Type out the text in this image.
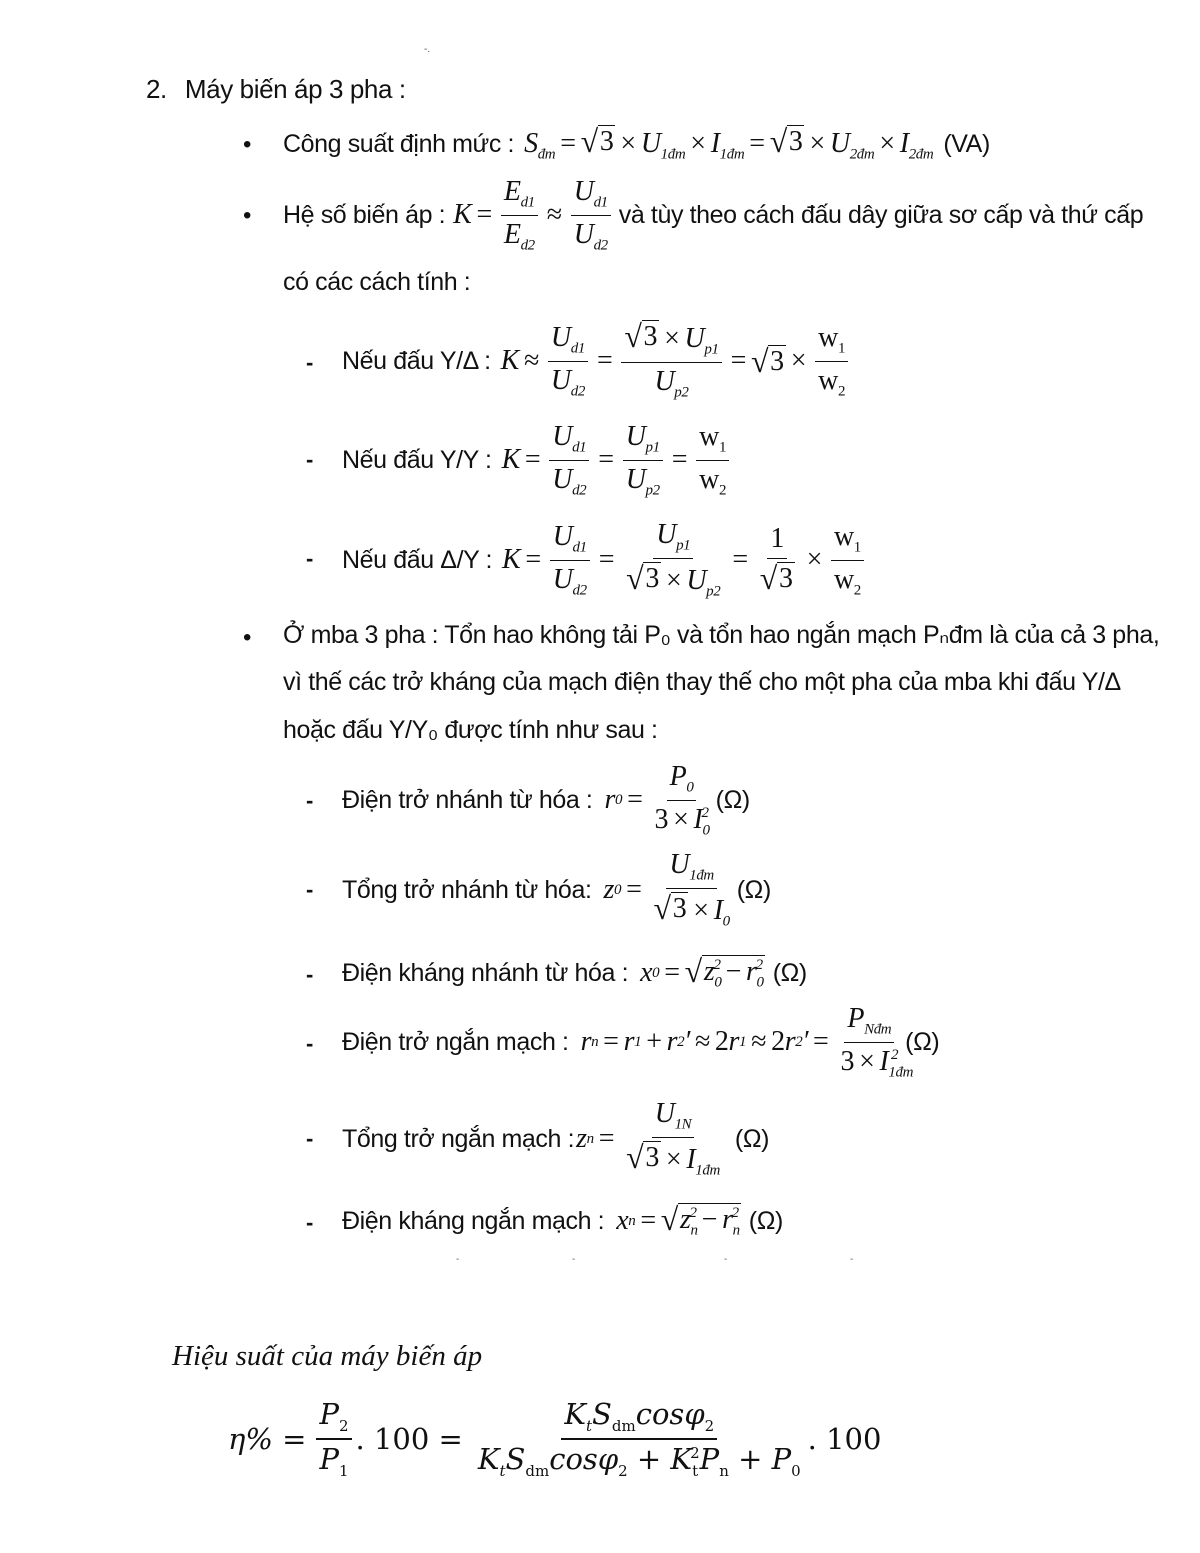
-.
2. Máy biến áp 3 pha :
• Công suất định mức : $S_{đm}$ = √ $3 \times U_{1đm} \times I_{1đm}$ = √ $3 \times U_{2đm} \times I_{2đm}$ (VA)
• Hệ số biến áp : $K = \frac{E_{d1}}{E_{d2}} \approx \frac{U_{d1}}{U_{d2}}$ và tùy theo cách đấu dây giữa sơ cấp và thứ cấp
có các cách tính :
- Nếu đấu Y/Δ : $K \approx \frac{U_{d1}}{U_{d2}} = \frac{√ 3 \times U_{p1}}{U_{p2}}$ = √ $3 \times \frac{w_1}{w_2}$
- Nếu đấu Y/Y : $K = \frac{U_{d1}}{U_{d2}} = \frac{U_{p1}}{U_{p2}} = \frac{w_1}{w_2}$
- Nếu đấu Δ/Y : $K = \frac{U_{d1}}{U_{d2}} = \frac{U_{p1}}{√ 3 \times U_{p2}} = \frac{1}{√ 3} \times \frac{w_1}{w_2}$
• Ở mba 3 pha : Tổn hao không tải P₀ và tổn hao ngắn mạch Pₙđm là của cả 3 pha,
vì thế các trở kháng của mạch điện thay thế cho một pha của mba khi đấu Y/Δ
hoặc đấu Y/Y₀ được tính như sau :
- Điện trở nhánh từ hóa : r $0 = \frac{P_0}{3 \times I_0^2} (\Omega)$
- Tổng trở nhánh từ hóa: z $0 = \frac{U_{1đm}}{√ 3 \times I_0} (\Omega)$
- Điện kháng nhánh từ hóa : x 0 = √ $z_0^2 - r_0^2$ (Ω)
- Điện trở ngắn mạch : r n = r 1 + r 2 ′ ≈ 2 r 1 ≈ 2 r 2 ′ = $\frac{P_{Nđm}}{3 \times I_{1đm}^2} (\Omega)$
- Tổng trở ngắn mạch : z $n = \frac{U_{1N}}{√ 3 \times I_{1đm}} (\Omega)$
- Điện kháng ngắn mạch : x n = √ $z_n^2 - r_n^2$ (Ω)
-	-	-	-
Hiệu suất của máy biến áp
$\eta\% = \frac{P_2}{P_1}$ . $100 = \frac{K_tS_{dm}\cos\varphi_2}{K_tS_{dm}\cos\varphi_2 + K_t^2P_n + P_0}$ . 100
